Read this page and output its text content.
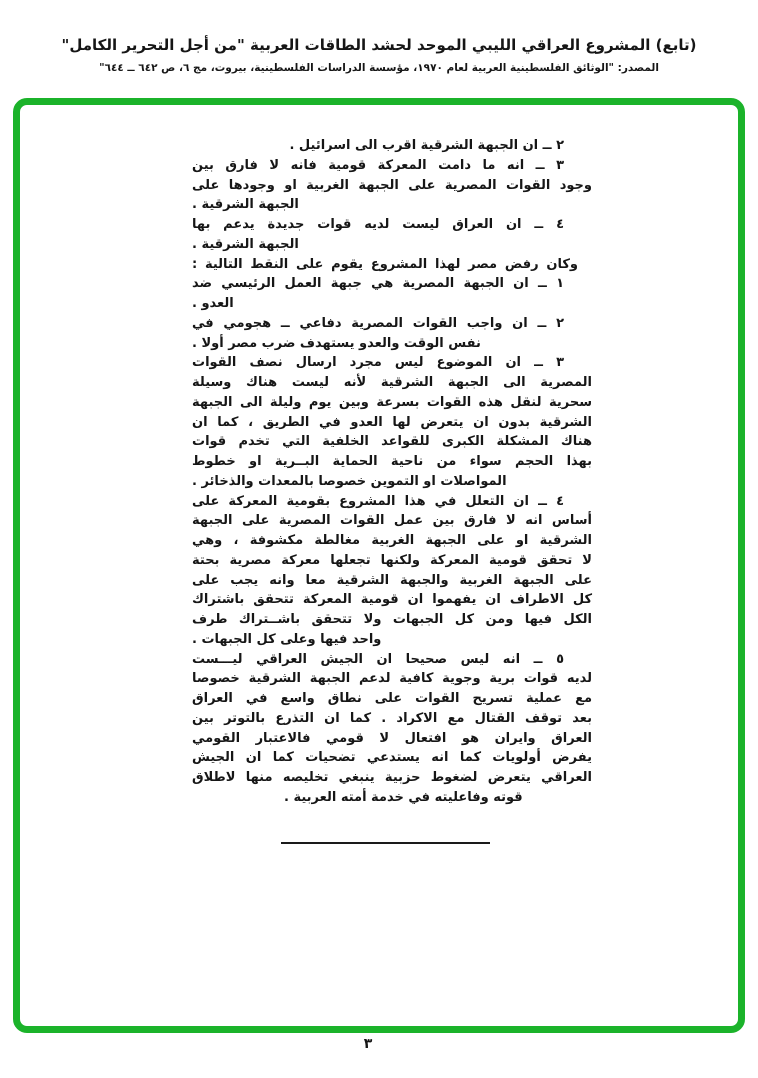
(تابع) المشروع العراقي الليبي الموحد لحشد الطاقات العربية "من أجل التحرير الكامل"
المصدر: "الوثائق الفلسطينية العربية لعام ١٩٧٠، مؤسسة الدراسات الفلسطينية، بيروت، مج ٦، ص ٦٤٢ ــ ٦٤٤"
٢ ــ ان الجبهة الشرقية اقرب الى اسرائيل .
٣ ــ انه ما دامت المعركة قومية فانه لا فارق بين
وجود القوات المصرية على الجبهة الغربية او وجودها على
الجبهة الشرقية .
٤ ــ ان العراق ليست لديه قوات جديدة يدعم بها
الجبهة الشرقية .
وكان رفض مصر لهذا المشروع يقوم على النقط التالية :
١ ــ ان الجبهة المصرية هي جبهة العمل الرئيسي ضد
العدو .
٢ ــ ان واجب القوات المصرية دفاعي ــ هجومي في
نفس الوقت والعدو يستهدف ضرب مصر أولا .
٣ ــ ان الموضوع ليس مجرد ارسال نصف القوات
المصرية الى الجبهة الشرقية لأنه ليست هناك وسيلة
سحرية لنقل هذه القوات بسرعة وبين يوم وليلة الى الجبهة
الشرقية بدون ان يتعرض لها العدو في الطريق ، كما ان
هناك المشكلة الكبرى للقواعد الخلفية التي تخدم قوات
بهذا الحجم سواء من ناحية الحماية البــرية او خطوط
المواصلات او التموين خصوصا بالمعدات والذخائر .
٤ ــ ان التعلل في هذا المشروع بقومية المعركة على
أساس انه لا فارق بين عمل القوات المصرية على الجبهة
الشرقية او على الجبهة الغربية مغالطة مكشوفة ، وهي
لا تحقق قومية المعركة ولكنها تجعلها معركة مصرية بحتة
على الجبهة الغربية والجبهة الشرقية معا وانه يجب على
كل الاطراف ان يفهموا ان قومية المعركة تتحقق باشتراك
الكل فيها ومن كل الجبهات ولا تتحقق باشــتراك طرف
واحد فيها وعلى كل الجبهات .
٥ ــ انه ليس صحيحا ان الجيش العراقي ليـــست
لديه قوات برية وجوية كافية لدعم الجبهة الشرقية خصوصا
مع عملية تسريح القوات على نطاق واسع في العراق
بعد توقف القتال مع الاكراد . كما ان التذرع بالتوتر بين
العراق وايران هو افتعال لا قومي فالاعتبار القومي
يفرض أولويات كما انه يستدعي تضحيات كما ان الجيش
العراقي يتعرض لضغوط حزبية ينبغي تخليصه منها لاطلاق
قوته وفاعليته في خدمة أمته العربية .
٣
